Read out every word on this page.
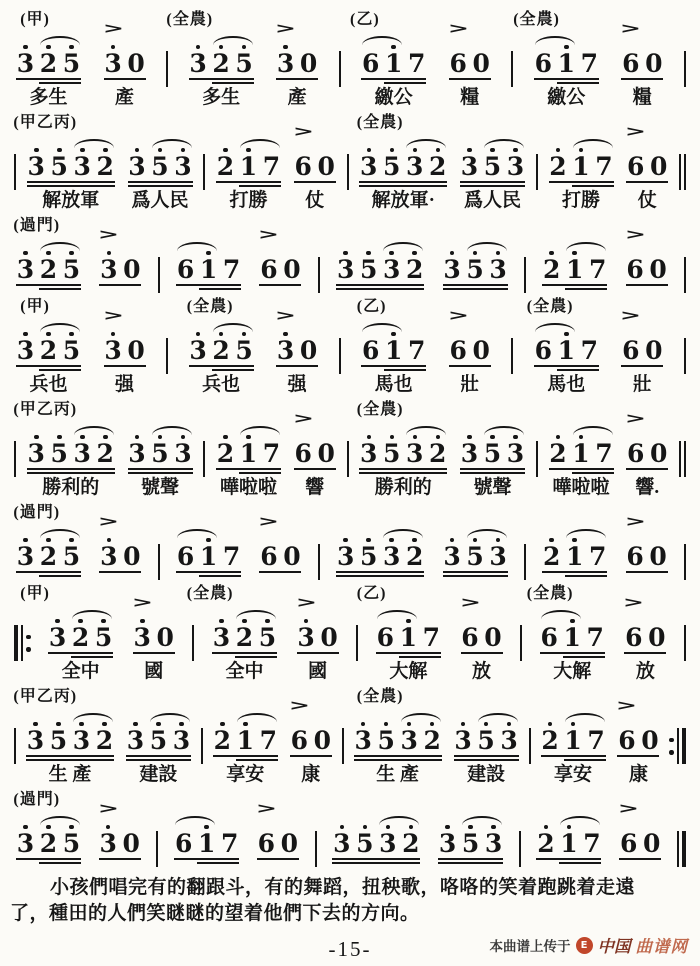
(甲)	(全農)	(乙)	(全農)
3 2 5
多生
>
3 0
產
3 2 5
多生
>
3 0
產
6 1 7
繳公
>
6 0
糧
6 1 7
繳公
>
6 0
糧
(甲乙丙)	(全農)
3 5 3 2
解放軍
3 5 3
爲人民
2 1 7
打勝
>
6 0
仗
3 5 3 2
解放軍·
3 5 3
爲人民
2 1 7
打勝
>
6 0
仗
(過門)
3 2 5
>
3 0 6 1 7
>
6 0 3 5 3 2 3 5 3 2 1 7
>
6 0
(甲)	(全農)	(乙)	(全農)
3 2 5
兵也
>
3 0
强
3 2 5
兵也
>
3 0
强
6 1 7
馬也
>
6 0
壯
6 1 7
馬也
>
6 0
壯
(甲乙丙)	(全農)
3 5 3 2
勝利的
3 5 3
號聲
2 1 7
嘩啦啦
>
6 0
響
3 5 3 2
勝利的
3 5 3
號聲
2 1 7
嘩啦啦
>
6 0
響.
(過門)
3 2 5
>
3 0 6 1 7
>
6 0 3 5 3 2 3 5 3 2 1 7
>
6 0
(甲)	(全農)	(乙)	(全農)
3 2 5
全中
>
3 0
國
3 2 5
全中
>
3 0
國
6 1 7
大解
>
6 0
放
6 1 7
大解
>
6 0
放
(甲乙丙)	(全農)
3 5 3 2
生 產
3 5 3
建設
2 1 7
享安
>
6 0
康
3 5 3 2
生 產
3 5 3
建設
2 1 7
享安
>
6 0
康
(過門)
3 2 5
>
3 0 6 1 7
>
6 0 3 5 3 2 3 5 3 2 1 7
>
6 0
小孩們唱完有的翻跟斗，有的舞蹈，扭秧歌，咯咯的笑着跑跳着走遠
了，種田的人們笑瞇瞇的望着他們下去的方向。
-15-	本曲谱上传于	E 中国 曲谱网
